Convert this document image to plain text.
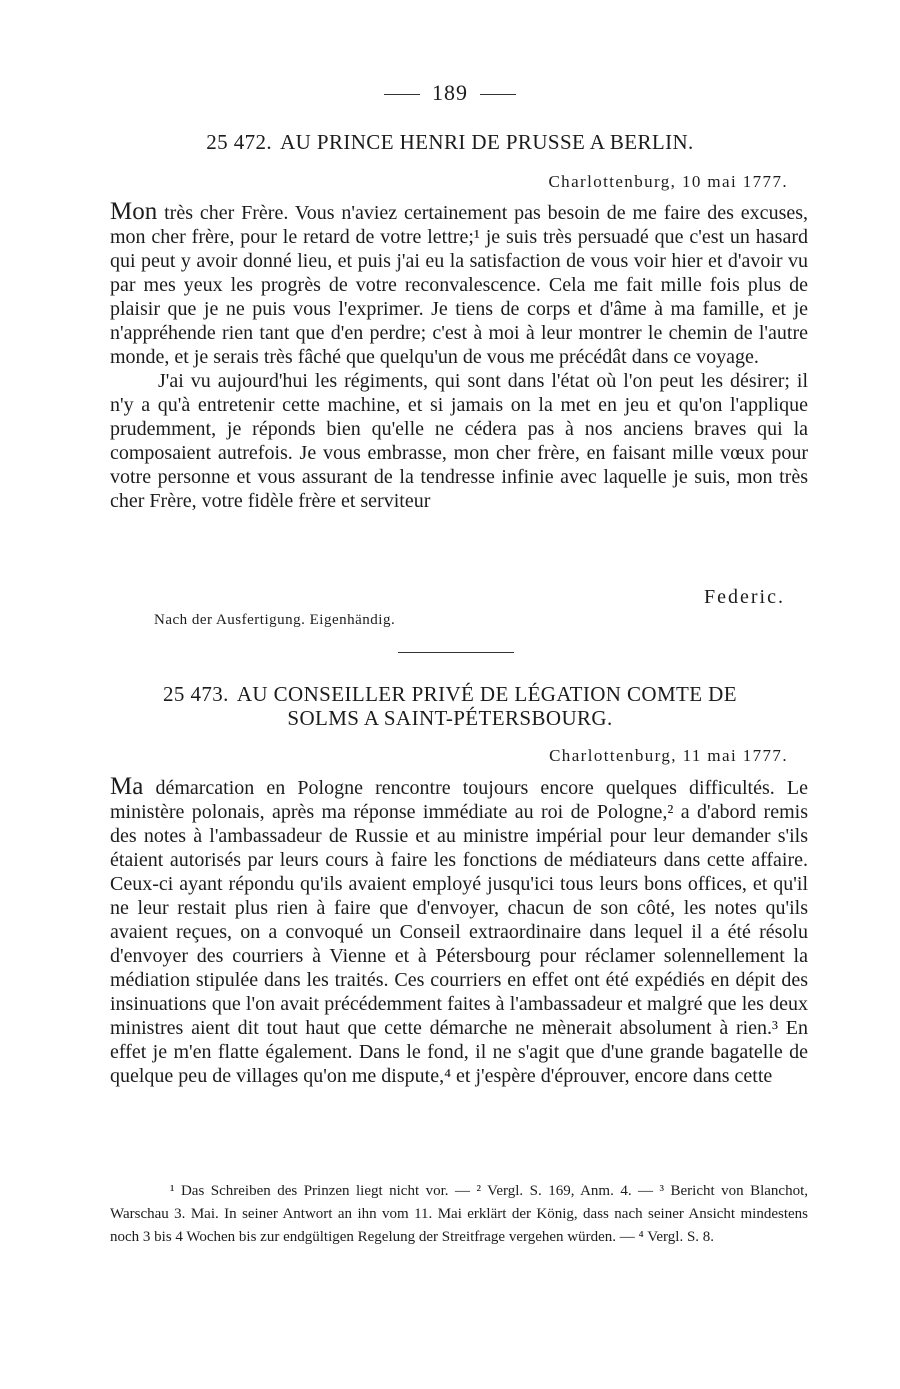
189
25 472. AU PRINCE HENRI DE PRUSSE A BERLIN.
Charlottenburg, 10 mai 1777.

Mon très cher Frère. Vous n'aviez certainement pas besoin de me faire des excuses, mon cher frère, pour le retard de votre lettre;¹ je suis très persuadé que c'est un hasard qui peut y avoir donné lieu, et puis j'ai eu la satisfaction de vous voir hier et d'avoir vu par mes yeux les progrès de votre reconvalescence. Cela me fait mille fois plus de plaisir que je ne puis vous l'exprimer. Je tiens de corps et d'âme à ma famille, et je n'appréhende rien tant que d'en perdre; c'est à moi à leur montrer le chemin de l'autre monde, et je serais très fâché que quelqu'un de vous me précédât dans ce voyage.

J'ai vu aujourd'hui les régiments, qui sont dans l'état où l'on peut les désirer; il n'y a qu'à entretenir cette machine, et si jamais on la met en jeu et qu'on l'applique prudemment, je réponds bien qu'elle ne cédera pas à nos anciens braves qui la composaient autrefois. Je vous embrasse, mon cher frère, en faisant mille vœux pour votre personne et vous assurant de la tendresse infinie avec laquelle je suis, mon très cher Frère, votre fidèle frère et serviteur

Federic.
Nach der Ausfertigung. Eigenhändig.
25 473. AU CONSEILLER PRIVÉ DE LÉGATION COMTE DE
SOLMS A SAINT-PÉTERSBOURG.
Charlottenburg, 11 mai 1777.

Ma démarcation en Pologne rencontre toujours encore quelques difficultés. Le ministère polonais, après ma réponse immédiate au roi de Pologne,² a d'abord remis des notes à l'ambassadeur de Russie et au ministre impérial pour leur demander s'ils étaient autorisés par leurs cours à faire les fonctions de médiateurs dans cette affaire. Ceux-ci ayant répondu qu'ils avaient employé jusqu'ici tous leurs bons offices, et qu'il ne leur restait plus rien à faire que d'envoyer, chacun de son côté, les notes qu'ils avaient reçues, on a convoqué un Conseil extraordinaire dans lequel il a été résolu d'envoyer des courriers à Vienne et à Pétersbourg pour réclamer solennellement la médiation stipulée dans les traités. Ces courriers en effet ont été expédiés en dépit des insinuations que l'on avait précédemment faites à l'ambassadeur et malgré que les deux ministres aient dit tout haut que cette démarche ne mènerait absolument à rien.³ En effet je m'en flatte également. Dans le fond, il ne s'agit que d'une grande bagatelle de quelque peu de villages qu'on me dispute,⁴ et j'espère d'éprouver, encore dans cette

¹ Das Schreiben des Prinzen liegt nicht vor. — ² Vergl. S. 169, Anm. 4. — ³ Bericht von Blanchot, Warschau 3. Mai. In seiner Antwort an ihn vom 11. Mai erklärt der König, dass nach seiner Ansicht mindestens noch 3 bis 4 Wochen bis zur endgültigen Regelung der Streitfrage vergehen würden. — ⁴ Vergl. S. 8.
